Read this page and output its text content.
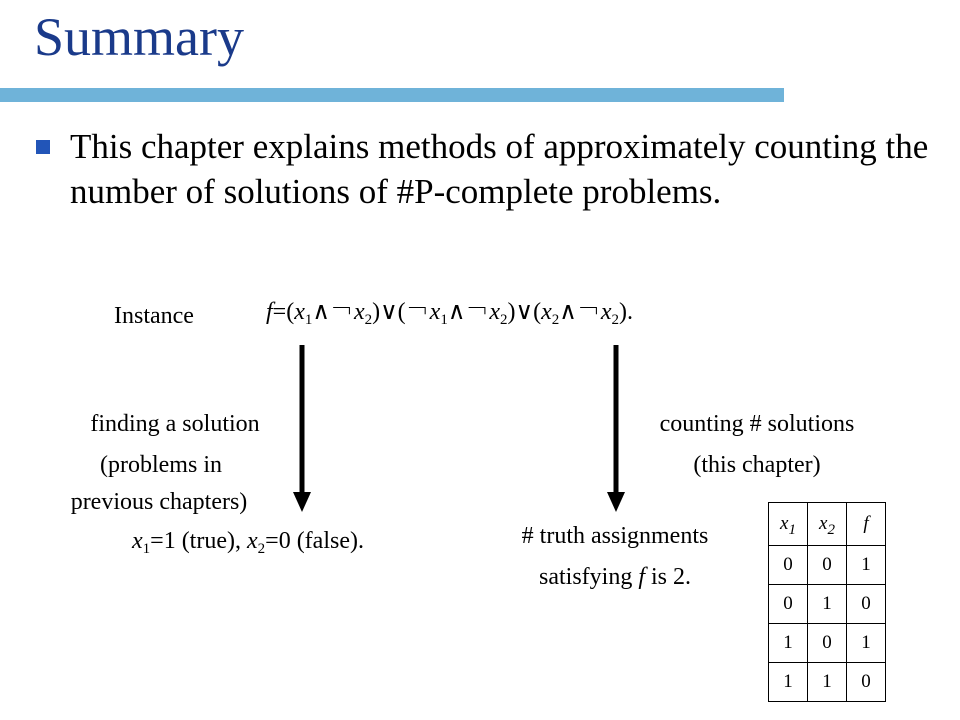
Summary
This chapter explains methods of approximately counting the number of solutions of #P-complete problems.
Instance	$f=(x_1\wedge$￢$x_2)\vee$(￢$x_1\wedge$￢$x_2)\vee(x_2\wedge$￢$x_2$).
finding a solution
(problems in
previous chapters)
counting # solutions
(this chapter)
$x_1=1$ (true), $x_2=0$ (false).	# truth assignments
satisfying f is 2.
$x_1$	$x_2$	f
0	0	1
0	1	0
1	0	1
1	1	0
